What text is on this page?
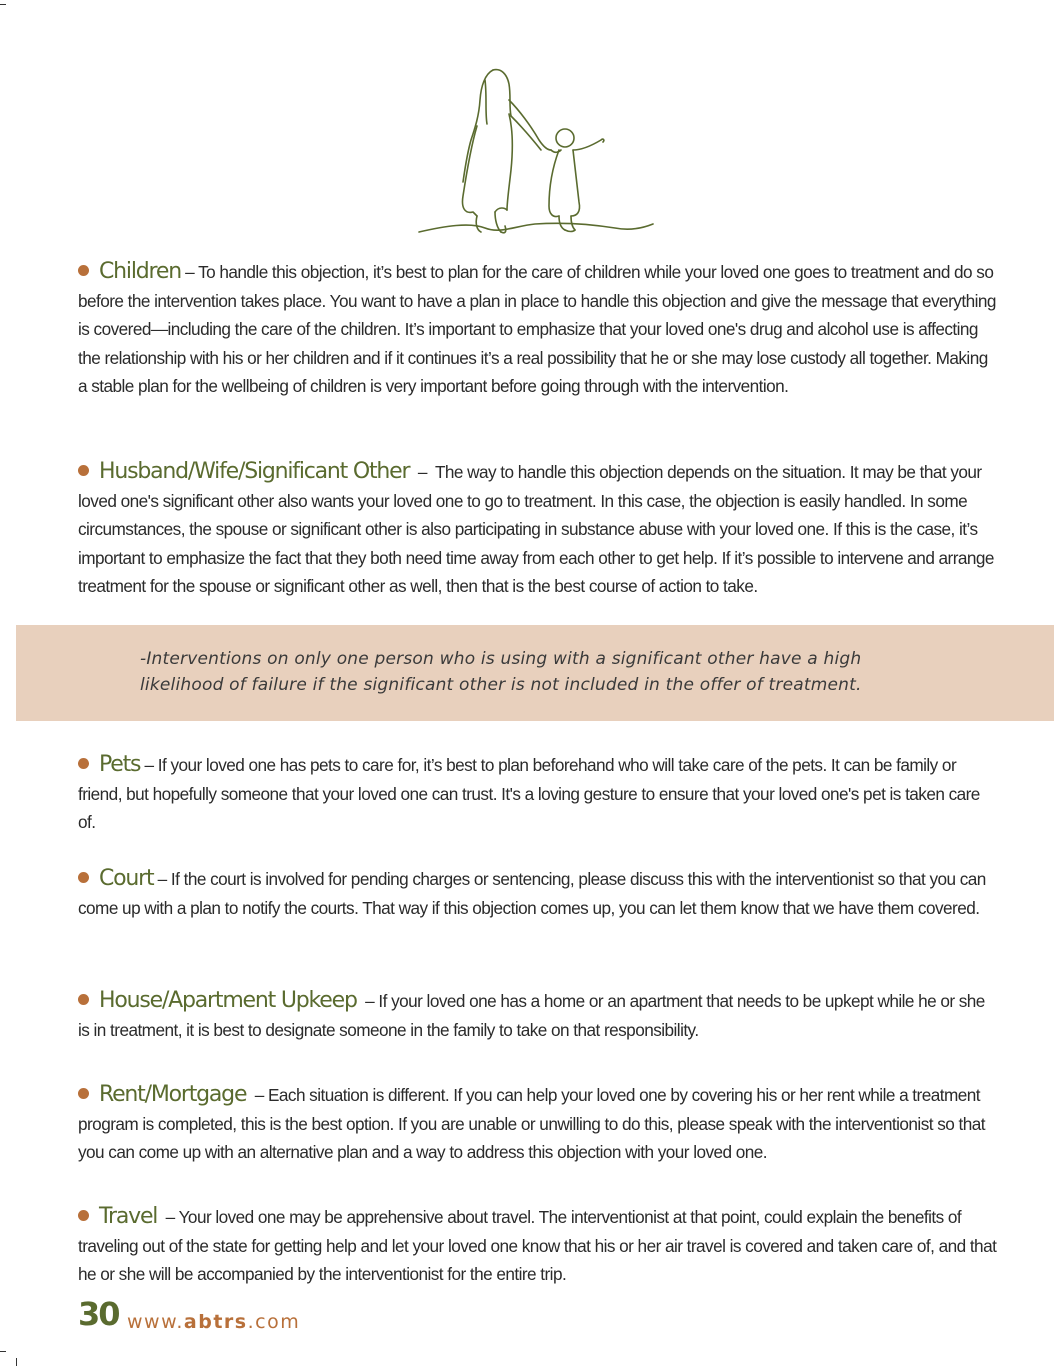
Children – To handle this objection, it’s best to plan for the care of children while your loved one goes to treatment and do so before the intervention takes place. You want to have a plan in place to handle this objection and give the message that everything is covered—including the care of the children. It’s important to emphasize that your loved one's drug and alcohol use is affecting the relationship with his or her children and if it continues it’s a real possibility that he or she may lose custody all together. Making a stable plan for the wellbeing of children is very important before going through with the intervention.
Husband/Wife/Significant Other – The way to handle this objection depends on the situation. It may be that your loved one's significant other also wants your loved one to go to treatment. In this case, the objection is easily handled. In some circumstances, the spouse or significant other is also participating in substance abuse with your loved one. If this is the case, it’s important to emphasize the fact that they both need time away from each other to get help. If it’s possible to intervene and arrange treatment for the spouse or significant other as well, then that is the best course of action to take.
-Interventions on only one person who is using with a significant other have a high likelihood of failure if the significant other is not included in the offer of treatment.
Pets – If your loved one has pets to care for, it’s best to plan beforehand who will take care of the pets. It can be family or friend, but hopefully someone that your loved one can trust. It's a loving gesture to ensure that your loved one's pet is taken care of.
Court – If the court is involved for pending charges or sentencing, please discuss this with the interventionist so that you can come up with a plan to notify the courts. That way if this objection comes up, you can let them know that we have them covered.
House/Apartment Upkeep – If your loved one has a home or an apartment that needs to be upkept while he or she is in treatment, it is best to designate someone in the family to take on that responsibility.
Rent/Mortgage – Each situation is different. If you can help your loved one by covering his or her rent while a treatment program is completed, this is the best option. If you are unable or unwilling to do this, please speak with the interventionist so that you can come up with an alternative plan and a way to address this objection with your loved one.
Travel – Your loved one may be apprehensive about travel. The interventionist at that point, could explain the benefits of traveling out of the state for getting help and let your loved one know that his or her air travel is covered and taken care of, and that he or she will be accompanied by the interventionist for the entire trip.
30 www.abtrs.com
